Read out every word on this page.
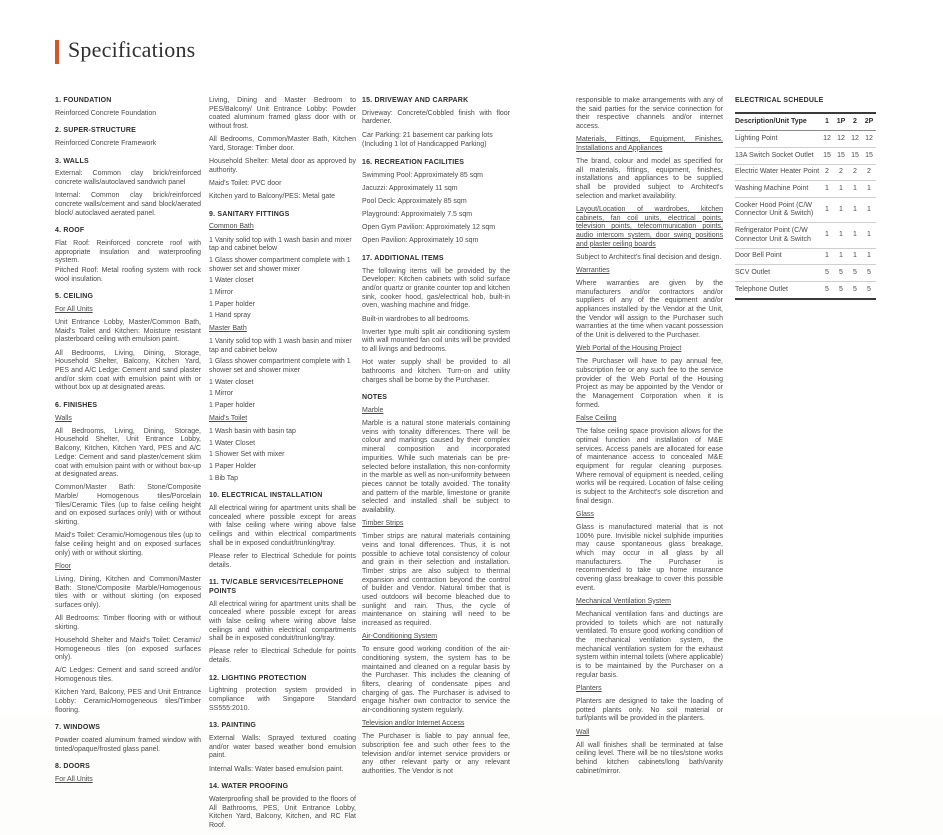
Specifications
1. FOUNDATION
Reinforced Concrete Foundation
2. SUPER-STRUCTURE
Reinforced Concrete Framework
3. WALLS
External: Common clay brick/reinforced concrete walls/autoclaved sandwich panel
Internal: Common clay brick/reinforced concrete walls/cement and sand block/aerated block/ autoclaved aerated panel.
4. ROOF
Flat Roof: Reinforced concrete roof with appropriate insulation and waterproofing system.
Pitched Roof: Metal roofing system with rock wool insulation.
5. CEILING
For All Units
Unit Entrance Lobby, Master/Common Bath, Maid's Toilet and Kitchen: Moisture resistant plasterboard ceiling with emulsion paint.
All Bedrooms, Living, Dining, Storage, Household Shelter, Balcony, Kitchen Yard, PES and A/C Ledge: Cement and sand plaster and/or skim coat with emulsion paint with or without box up at designated areas.
6. FINISHES
Walls
All Bedrooms, Living, Dining, Storage, Household Shelter, Unit Entrance Lobby, Balcony, Kitchen, Kitchen Yard, PES and A/C Ledge: Cement and sand plaster/cement skim coat with emulsion paint with or without box-up at designated areas.
Common/Master Bath: Stone/Composite Marble/ Homogenous tiles/Porcelain Tiles/Ceramic Tiles (up to false ceiling height and on exposed surfaces only) with or without skirting.
Maid's Toilet: Ceramic/Homogenous tiles (up to false ceiling height and on exposed surfaces only) with or without skirting.
Floor
Living, Dining, Kitchen and Common/Master Bath: Stone/Composite Marble/Homogenous tiles with or without skirting (on exposed surfaces only).
All Bedrooms: Timber flooring with or without skirting.
Household Shelter and Maid's Toilet: Ceramic/ Homogeneous tiles (on exposed surfaces only).
A/C Ledges: Cement and sand screed and/or Homogenous tiles.
Kitchen Yard, Balcony, PES and Unit Entrance Lobby: Ceramic/Homogeneous tiles/Timber flooring.
7. WINDOWS
Powder coated aluminum framed window with tinted/opaque/frosted glass panel.
8. DOORS
For All Units
Living, Dining and Master Bedroom to PES/Balcony/ Unit Entrance Lobby: Powder coated aluminum framed glass door with or without frost.
All Bedrooms, Common/Master Bath, Kitchen Yard, Storage: Timber door.
Household Shelter: Metal door as approved by authority.
Maid's Toilet: PVC door
Kitchen yard to Balcony/PES: Metal gate
9. SANITARY FITTINGS
Common Bath
1 Vanity solid top with 1 wash basin and mixer tap and cabinet below
1 Glass shower compartment complete with 1 shower set and shower mixer
1 Water closet
1 Mirror
1 Paper holder
1 Hand spray
Master Bath
1 Vanity solid top with 1 wash basin and mixer tap and cabinet below
1 Glass shower compartment complete with 1 shower set and shower mixer
1 Water closet
1 Mirror
1 Paper holder
Maid's Toilet
1 Wash basin with basin tap
1 Water Closet
1 Shower Set with mixer
1 Paper Holder
1 Bib Tap
10. ELECTRICAL INSTALLATION
All electrical wiring for apartment units shall be concealed where possible except for areas with false ceiling where wiring above false ceilings and within electrical compartments shall be in exposed conduit/trunking/tray.
Please refer to Electrical Schedule for points details.
11. TV/CABLE SERVICES/TELEPHONE POINTS
All electrical wiring for apartment units shall be concealed where possible except for areas with false ceiling where wiring above false ceilings and within electrical compartments shall be in exposed conduit/trunking/tray.
Please refer to Electrical Schedule for points details.
12. LIGHTING PROTECTION
Lightning protection system provided in compliance with Singapore Standard SS555:2010.
13. PAINTING
External Walls: Sprayed textured coating and/or water based weather bond emulsion paint.
Internal Walls: Water based emulsion paint.
14. WATER PROOFING
Waterproofing shall be provided to the floors of All Bathrooms, PES, Unit Entrance Lobby, Kitchen Yard, Balcony, Kitchen, and RC Flat Roof.
15. DRIVEWAY AND CARPARK
Driveway: Concrete/Cobbled finish with floor hardener.
Car Parking: 21 basement car parking lots
(Including 1 lot of Handicapped Parking)
16. RECREATION FACILITIES
Swimming Pool: Approximately 85 sqm
Jacuzzi: Approximately 11 sqm
Pool Deck: Approximately 85 sqm
Playground: Approximately 7.5 sqm
Open Gym Pavilion: Approximately 12 sqm
Open Pavilion: Approximately 10 sqm
17. ADDITIONAL ITEMS
The following items will be provided by the Developer: Kitchen cabinets with solid surface and/or quartz or granite counter top and kitchen sink, cooker hood, gas/electrical hob, built-in oven, washing machine and fridge.
Built-in wardrobes to all bedrooms.
Inverter type multi split air conditioning system with wall mounted fan coil units will be provided to all livings and bedrooms.
Hot water supply shall be provided to all bathrooms and kitchen. Turn-on and utility charges shall be borne by the Purchaser.
NOTES
Marble
Marble is a natural stone materials containing veins with tonality differences. There will be colour and markings caused by their complex mineral composition and incorporated impurities. While such materials can be pre-selected before installation, this non-conformity in the marble as well as non-uniformity between pieces cannot be totally avoided. The tonality and pattern of the marble, limestone or granite selected and installed shall be subject to availability.
Timber Strips
Timber strips are natural materials containing veins and tonal differences. Thus, it is not possible to achieve total consistency of colour and grain in their selection and installation. Timber strips are also subject to thermal expansion and contraction beyond the control of builder and Vendor. Natural timber that is used outdoors will become bleached due to sunlight and rain. Thus, the cycle of maintenance on staining will need to be increased as required.
Air-Conditioning System
To ensure good working condition of the air-conditioning system, the system has to be maintained and cleaned on a regular basis by the Purchaser. This includes the cleaning of filters, clearing of condensate pipes and charging of gas. The Purchaser is advised to engage his/her own contractor to service the air-conditioning system regularly.
Television and/or Internet Access
The Purchaser is liable to pay annual fee, subscription fee and such other fees to the television and/or internet service providers or any other relevant party or any relevant authorities. The Vendor is not
responsible to make arrangements with any of the said parties for the service connection for their respective channels and/or internet access.
Materials, Fittings, Equipment, Finishes, Installations and Appliances
The brand, colour and model as specified for all materials, fittings, equipment, finishes, installations and appliances to be supplied shall be provided subject to Architect's selection and market availability.
Layout/Location of wardrobes, kitchen cabinets, fan coil units, electrical points, television points, telecommunication points, audio intercom system, door swing positions and plaster ceiling boards
Subject to Architect's final decision and design.
Warranties
Where warranties are given by the manufacturers and/or contractors and/or suppliers of any of the equipment and/or appliances installed by the Vendor at the Unit, the Vendor will assign to the Purchaser such warranties at the time when vacant possession of the Unit is delivered to the Purchaser.
Web Portal of the Housing Project
The Purchaser will have to pay annual fee, subscription fee or any such fee to the service provider of the Web Portal of the Housing Project as may be appointed by the Vendor or the Management Corporation when it is formed.
False Ceiling
The false ceiling space provision allows for the optimal function and installation of M&E services. Access panels are allocated for ease of maintenance access to concealed M&E equipment for regular cleaning purposes. Where removal of equipment is needed, ceiling works will be required. Location of false ceiling is subject to the Architect's sole discretion and final design.
Glass
Glass is manufactured material that is not 100% pure. Invisible nickel sulphide impurities may cause spontaneous glass breakage, which may occur in all glass by all manufacturers. The Purchaser is recommended to take up home insurance covering glass breakage to cover this possible event.
Mechanical Ventilation System
Mechanical ventilation fans and ductings are provided to toilets which are not naturally ventilated. To ensure good working condition of the mechanical ventilation system, the mechanical ventilation system for the exhaust system within internal toilets (where applicable) is to be maintained by the Purchaser on a regular basis.
Planters
Planters are designed to take the loading of potted plants only. No soil material or turf/plants will be provided in the planters.
Wall
All wall finishes shall be terminated at false ceiling level. There will be no tiles/stone works behind kitchen cabinets/long bath/vanity cabinet/mirror.
ELECTRICAL SCHEDULE
Description/Unit Type	1	1P	2	2P
Lighting Point	12	12	12	12
13A Switch Socket Outlet	15	15	15	15
Electric Water Heater Point	2	2	2	2
Washing Machine Point	1	1	1	1
Cooker Hood Point (C/W Connector Unit & Switch)	1	1	1	1
Refrigerator Point (C/W Connector Unit & Switch	1	1	1	1
Door Bell Point	1	1	1	1
SCV Outlet	5	5	5	5
Telephone Outlet	5	5	5	5
